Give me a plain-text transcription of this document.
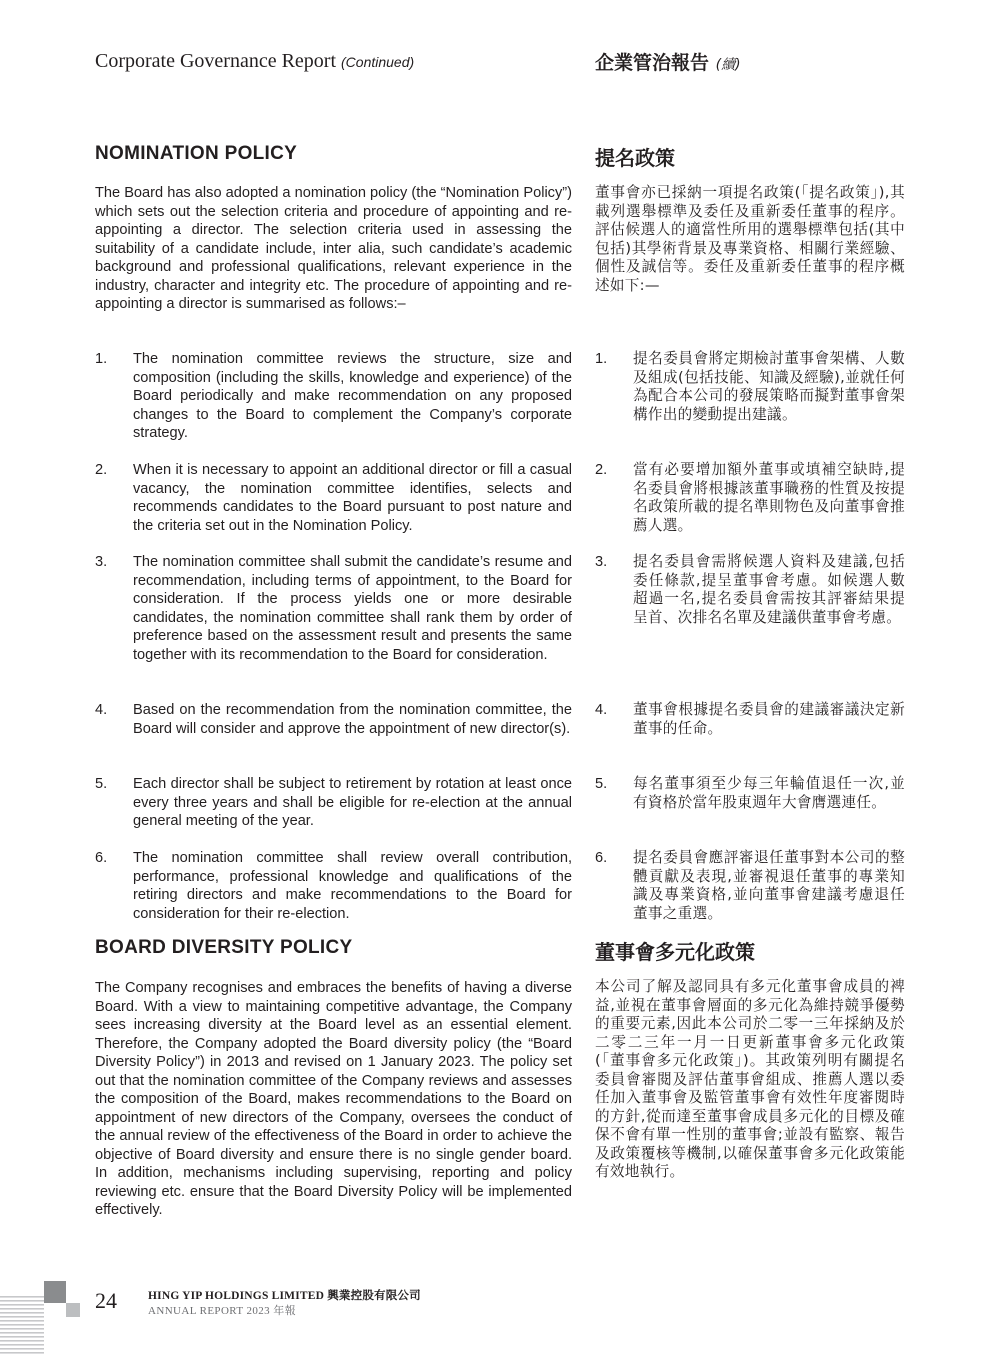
Corporate Governance Report (Continued)	企業管治報告 (續)
NOMINATION POLICY	提名政策

The Board has also adopted a nomination policy (the “Nomination Policy”) which sets out the selection criteria and procedure of appointing and re-appointing a director. The selection criteria used in assessing the suitability of a candidate include, inter alia, such candidate’s academic background and professional qualifications, relevant experience in the industry, character and integrity etc. The procedure of appointing and re-appointing a director is summarised as follows:–

董事會亦已採納一項提名政策(「提名政策」),其載列選舉標準及委任及重新委任董事的程序。評估候選人的適當性所用的選舉標準包括(其中包括)其學術背景及專業資格、相關行業經驗、個性及誠信等。委任及重新委任董事的程序概述如下:—

1.	The nomination committee reviews the structure, size and composition (including the skills, knowledge and experience) of the Board periodically and make recommendation on any proposed changes to the Board to complement the Company’s corporate strategy.
2.	When it is necessary to appoint an additional director or fill a casual vacancy, the nomination committee identifies, selects and recommends candidates to the Board pursuant to post nature and the criteria set out in the Nomination Policy.
3.	The nomination committee shall submit the candidate’s resume and recommendation, including terms of appointment, to the Board for consideration. If the process yields one or more desirable candidates, the nomination committee shall rank them by order of preference based on the assessment result and presents the same together with its recommendation to the Board for consideration.
4.	Based on the recommendation from the nomination committee, the Board will consider and approve the appointment of new director(s).
5.	Each director shall be subject to retirement by rotation at least once every three years and shall be eligible for re-election at the annual general meeting of the year.
6.	The nomination committee shall review overall contribution, performance, professional knowledge and qualifications of the retiring directors and make recommendations to the Board for consideration for their re-election.
1.	提名委員會將定期檢討董事會架構、人數及組成(包括技能、知識及經驗),並就任何為配合本公司的發展策略而擬對董事會架構作出的變動提出建議。
2.	當有必要增加額外董事或填補空缺時,提名委員會將根據該董事職務的性質及按提名政策所載的提名準則物色及向董事會推薦人選。
3.	提名委員會需將候選人資料及建議,包括委任條款,提呈董事會考慮。如候選人數超過一名,提名委員會需按其評審結果提呈首、次排名名單及建議供董事會考慮。
4.	董事會根據提名委員會的建議審議決定新董事的任命。
5.	每名董事須至少每三年輪值退任一次,並有資格於當年股東週年大會膺選連任。
6.	提名委員會應評審退任董事對本公司的整體貢獻及表現,並審視退任董事的專業知識及專業資格,並向董事會建議考慮退任董事之重選。
BOARD DIVERSITY POLICY	董事會多元化政策

The Company recognises and embraces the benefits of having a diverse Board. With a view to maintaining competitive advantage, the Company sees increasing diversity at the Board level as an essential element. Therefore, the Company adopted the Board diversity policy (the “Board Diversity Policy”) in 2013 and revised on 1 January 2023. The policy set out that the nomination committee of the Company reviews and assesses the composition of the Board, makes recommendations to the Board on appointment of new directors of the Company, oversees the conduct of the annual review of the effectiveness of the Board in order to achieve the objective of Board diversity and ensure there is no single gender board. In addition, mechanisms including supervising, reporting and policy reviewing etc. ensure that the Board Diversity Policy will be implemented effectively.

本公司了解及認同具有多元化董事會成員的裨益,並視在董事會層面的多元化為維持競爭優勢的重要元素,因此本公司於二零一三年採納及於二零二三年一月一日更新董事會多元化政策(「董事會多元化政策」)。其政策列明有關提名委員會審閱及評估董事會組成、推薦人選以委任加入董事會及監管董事會有效性年度審閱時的方針,從而達至董事會成員多元化的目標及確保不會有單一性別的董事會;並設有監察、報告及政策覆核等機制,以確保董事會多元化政策能有效地執行。

24	HING YIP HOLDINGS LIMITED 興業控股有限公司
ANNUAL REPORT 2023 年報
